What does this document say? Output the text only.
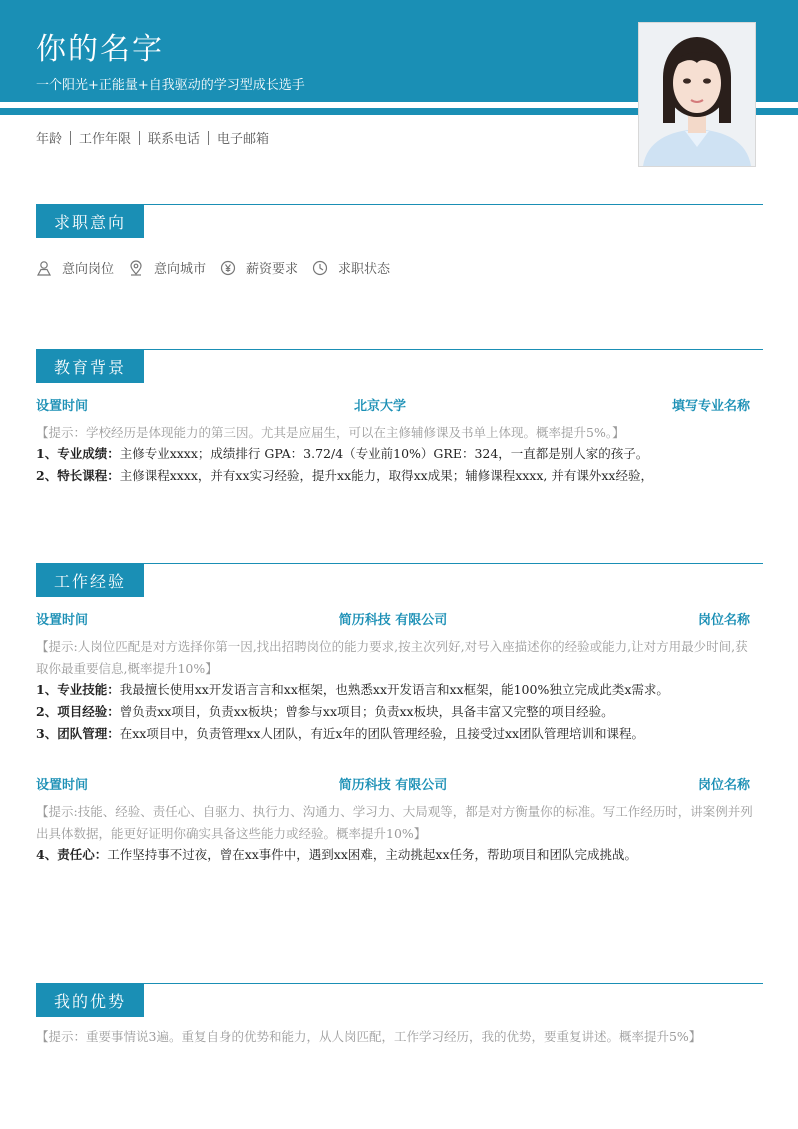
你的名字
一个阳光+正能量+自我驱动的学习型成长选手
年龄 工作年限 联系电话 电子邮箱
求职意向
意向岗位	意向城市	薪资要求	求职状态
教育背景
设置时间	北京大学	填写专业名称
【提示：学校经历是体现能力的第三因。尤其是应届生，可以在主修辅修课及书单上体现。概率提升5%。】
1、专业成绩：主修专业xxxx；成绩排行 GPA：3.72/4（专业前10%）GRE：324，一直都是别人家的孩子。
2、特长课程：主修课程xxxx，并有xx实习经验，提升xx能力，取得xx成果；辅修课程xxxx, 并有课外xx经验，
工作经验
设置时间	简历科技 有限公司	岗位名称
【提示:人岗位匹配是对方选择你第一因,找出招聘岗位的能力要求,按主次列好,对号入座描述你的经验或能力,让对方用最少时间,获取你最重要信息,概率提升10%】
1、专业技能：我最擅长使用xx开发语言言和xx框架，也熟悉xx开发语言和xx框架，能100%独立完成此类x需求。
2、项目经验：曾负责xx项目，负责xx板块；曾参与xx项目；负责xx板块，具备丰富又完整的项目经验。
3、团队管理：在xx项目中，负责管理xx人团队，有近x年的团队管理经验，且接受过xx团队管理培训和课程。
设置时间	简历科技 有限公司	岗位名称
【提示:技能、经验、责任心、自驱力、执行力、沟通力、学习力、大局观等，都是对方衡量你的标准。写工作经历时，讲案例并列出具体数据，能更好证明你确实具备这些能力或经验。概率提升10%】
4、责任心：工作坚持事不过夜，曾在xx事件中，遇到xx困难，主动挑起xx任务，帮助项目和团队完成挑战。
我的优势
【提示：重要事情说3遍。重复自身的优势和能力，从人岗匹配，工作学习经历，我的优势，要重复讲述。概率提升5%】
